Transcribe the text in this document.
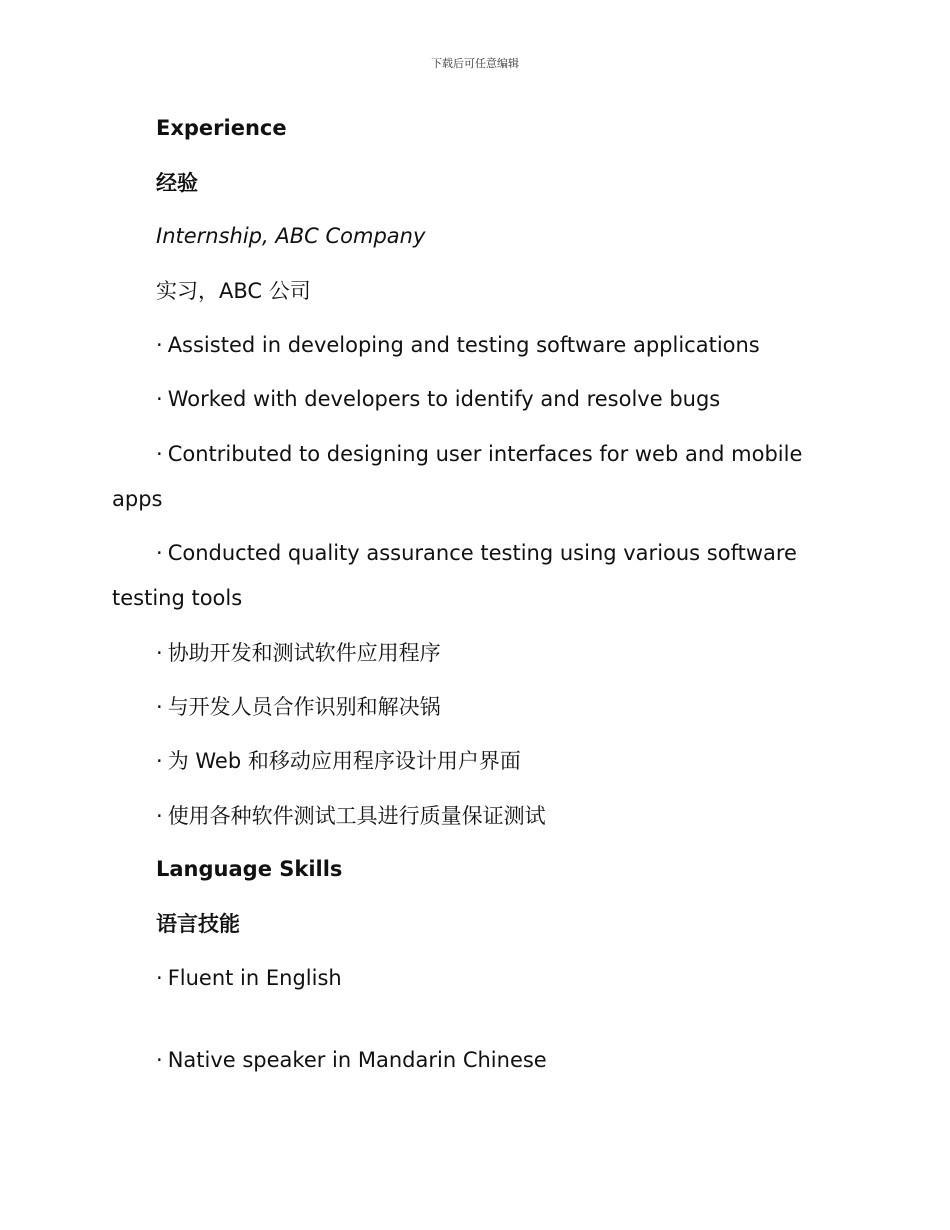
下载后可任意编辑
Experience
经验
Internship, ABC Company
实习，ABC 公司
· Assisted in developing and testing software applications
· Worked with developers to identify and resolve bugs
· Contributed to designing user interfaces for web and mobile
apps
· Conducted quality assurance testing using various software
testing tools
· 协助开发和测试软件应用程序
· 与开发人员合作识别和解决锅
· 为 Web 和移动应用程序设计用户界面
· 使用各种软件测试工具进行质量保证测试
Language Skills
语言技能
· Fluent in English
· Native speaker in Mandarin Chinese
